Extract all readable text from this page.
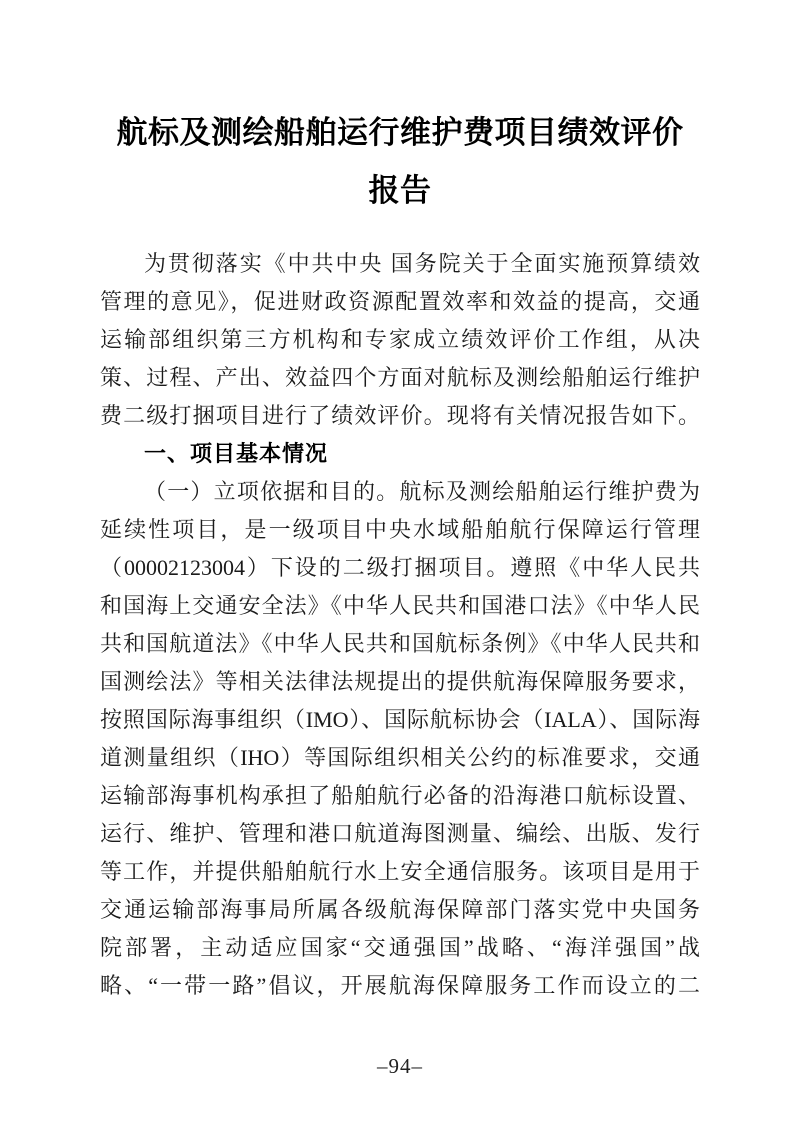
航标及测绘船舶运行维护费项目绩效评价
报告
为贯彻落实《中共中央 国务院关于全面实施预算绩效
管理的意见》，促进财政资源配置效率和效益的提高，交通
运输部组织第三方机构和专家成立绩效评价工作组，从决
策、过程、产出、效益四个方面对航标及测绘船舶运行维护
费二级打捆项目进行了绩效评价。现将有关情况报告如下。
一、项目基本情况
（一）立项依据和目的。航标及测绘船舶运行维护费为
延续性项目，是一级项目中央水域船舶航行保障运行管理
（00002123004）下设的二级打捆项目。遵照《中华人民共
和国海上交通安全法》《中华人民共和国港口法》《中华人民
共和国航道法》《中华人民共和国航标条例》《中华人民共和
国测绘法》等相关法律法规提出的提供航海保障服务要求，
按照国际海事组织（IMO）、国际航标协会（IALA）、国际海
道测量组织（IHO）等国际组织相关公约的标准要求，交通
运输部海事机构承担了船舶航行必备的沿海港口航标设置、
运行、维护、管理和港口航道海图测量、编绘、出版、发行
等工作，并提供船舶航行水上安全通信服务。该项目是用于
交通运输部海事局所属各级航海保障部门落实党中央国务
院部署，主动适应国家“交通强国”战略、“海洋强国”战
略、“一带一路”倡议，开展航海保障服务工作而设立的二
–94–
